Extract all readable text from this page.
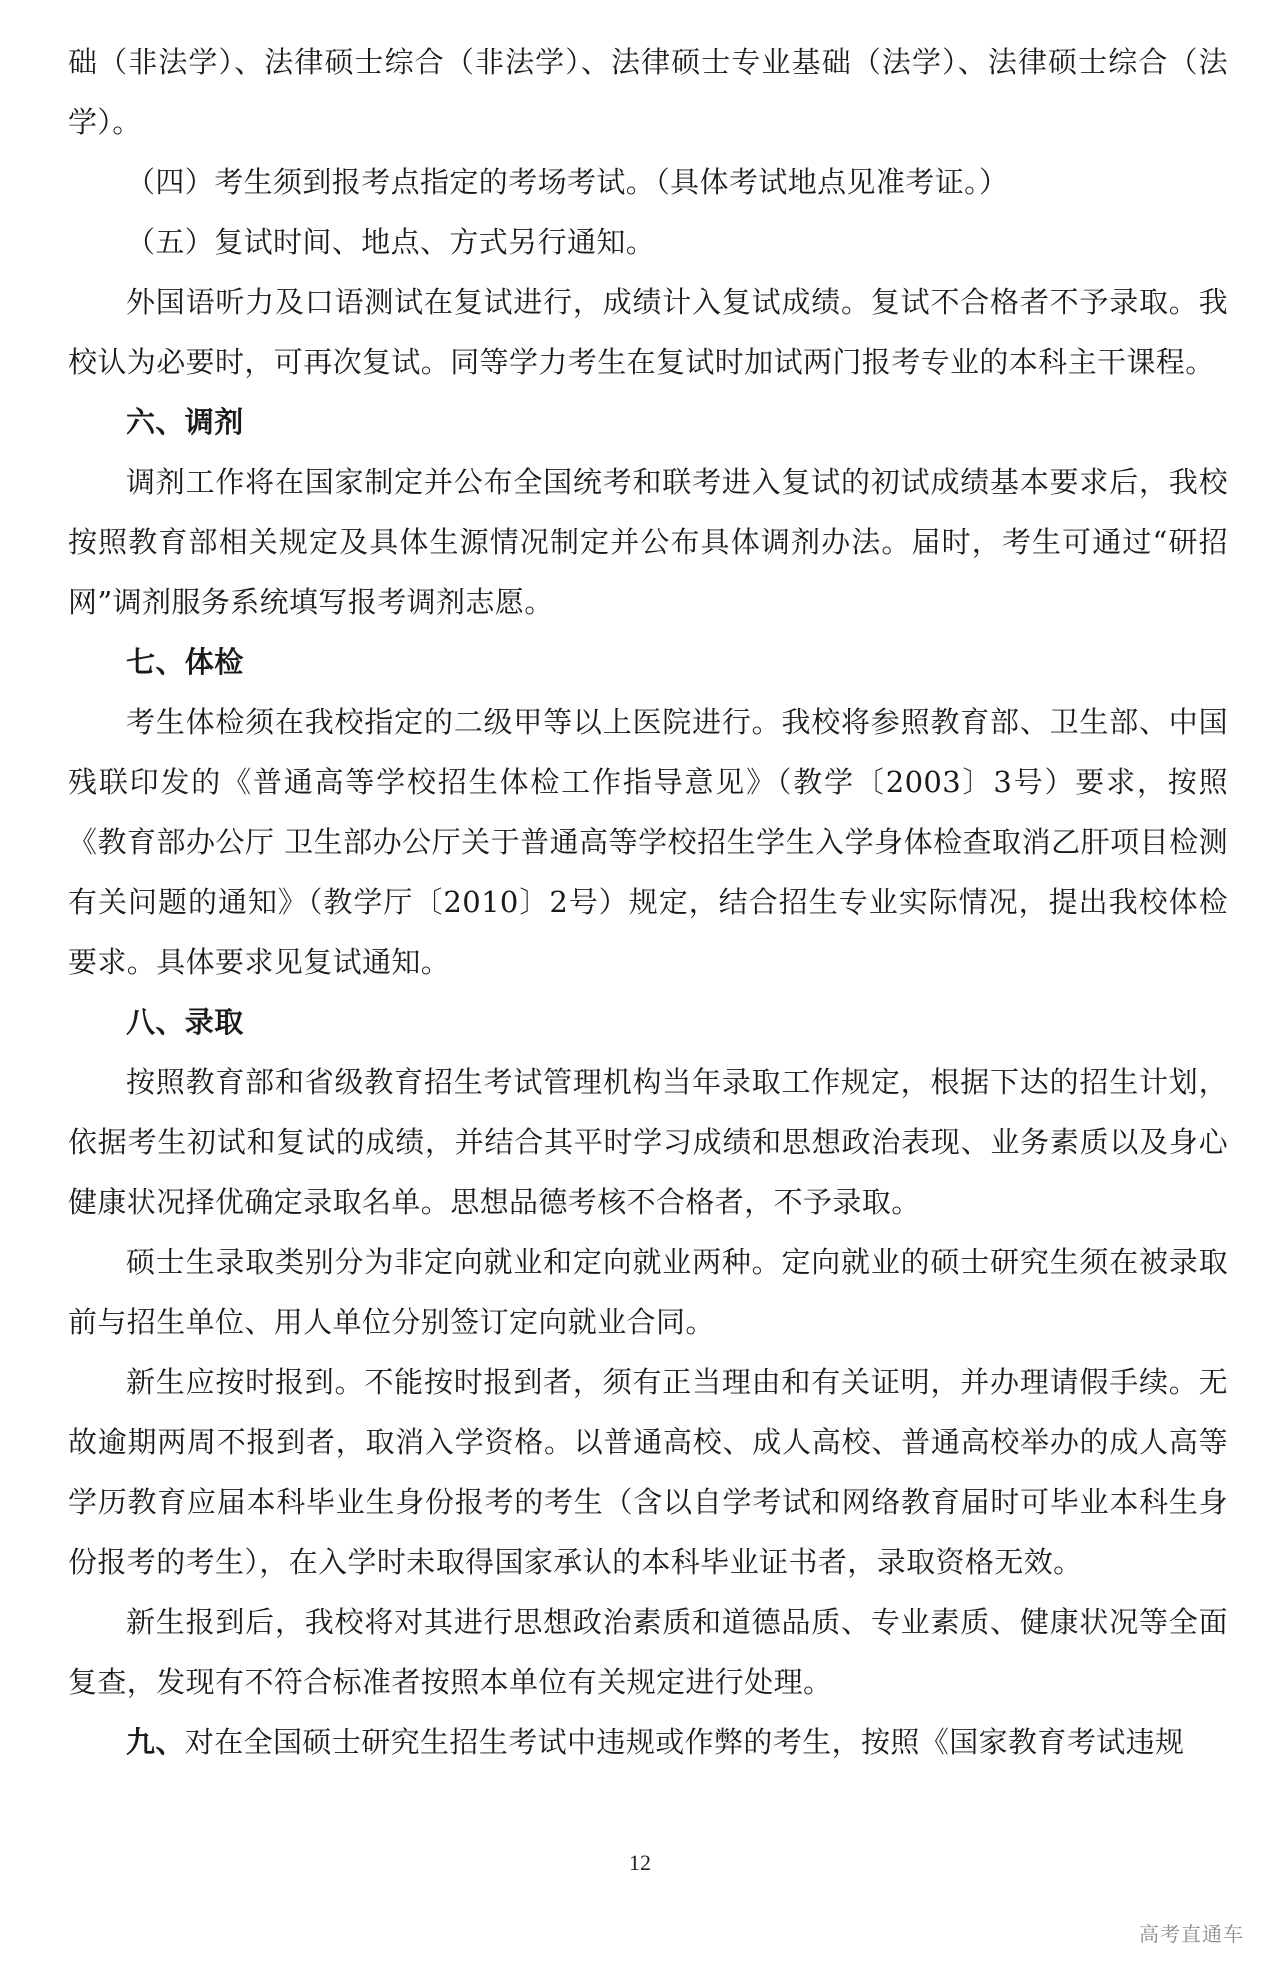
础（非法学）、法律硕士综合（非法学）、法律硕士专业基础（法学）、法律硕士综合（法学）。

（四）考生须到报考点指定的考场考试。（具体考试地点见准考证。）

（五）复试时间、地点、方式另行通知。

外国语听力及口语测试在复试进行，成绩计入复试成绩。复试不合格者不予录取。我校认为必要时，可再次复试。同等学力考生在复试时加试两门报考专业的本科主干课程。

六、调剂

调剂工作将在国家制定并公布全国统考和联考进入复试的初试成绩基本要求后，我校按照教育部相关规定及具体生源情况制定并公布具体调剂办法。届时，考生可通过“研招网”调剂服务系统填写报考调剂志愿。

七、体检

考生体检须在我校指定的二级甲等以上医院进行。我校将参照教育部、卫生部、中国残联印发的《普通高等学校招生体检工作指导意见》（教学〔2003〕3号）要求，按照《教育部办公厅 卫生部办公厅关于普通高等学校招生学生入学身体检查取消乙肝项目检测有关问题的通知》（教学厅〔2010〕2号）规定，结合招生专业实际情况，提出我校体检要求。具体要求见复试通知。

八、录取

按照教育部和省级教育招生考试管理机构当年录取工作规定，根据下达的招生计划，依据考生初试和复试的成绩，并结合其平时学习成绩和思想政治表现、业务素质以及身心健康状况择优确定录取名单。思想品德考核不合格者，不予录取。

硕士生录取类别分为非定向就业和定向就业两种。定向就业的硕士研究生须在被录取前与招生单位、用人单位分别签订定向就业合同。

新生应按时报到。不能按时报到者，须有正当理由和有关证明，并办理请假手续。无故逾期两周不报到者，取消入学资格。以普通高校、成人高校、普通高校举办的成人高等学历教育应届本科毕业生身份报考的考生（含以自学考试和网络教育届时可毕业本科生身份报考的考生），在入学时未取得国家承认的本科毕业证书者，录取资格无效。

新生报到后，我校将对其进行思想政治素质和道德品质、专业素质、健康状况等全面复查，发现有不符合标准者按照本单位有关规定进行处理。

九、对在全国硕士研究生招生考试中违规或作弊的考生，按照《国家教育考试违规

12
高考直通车
